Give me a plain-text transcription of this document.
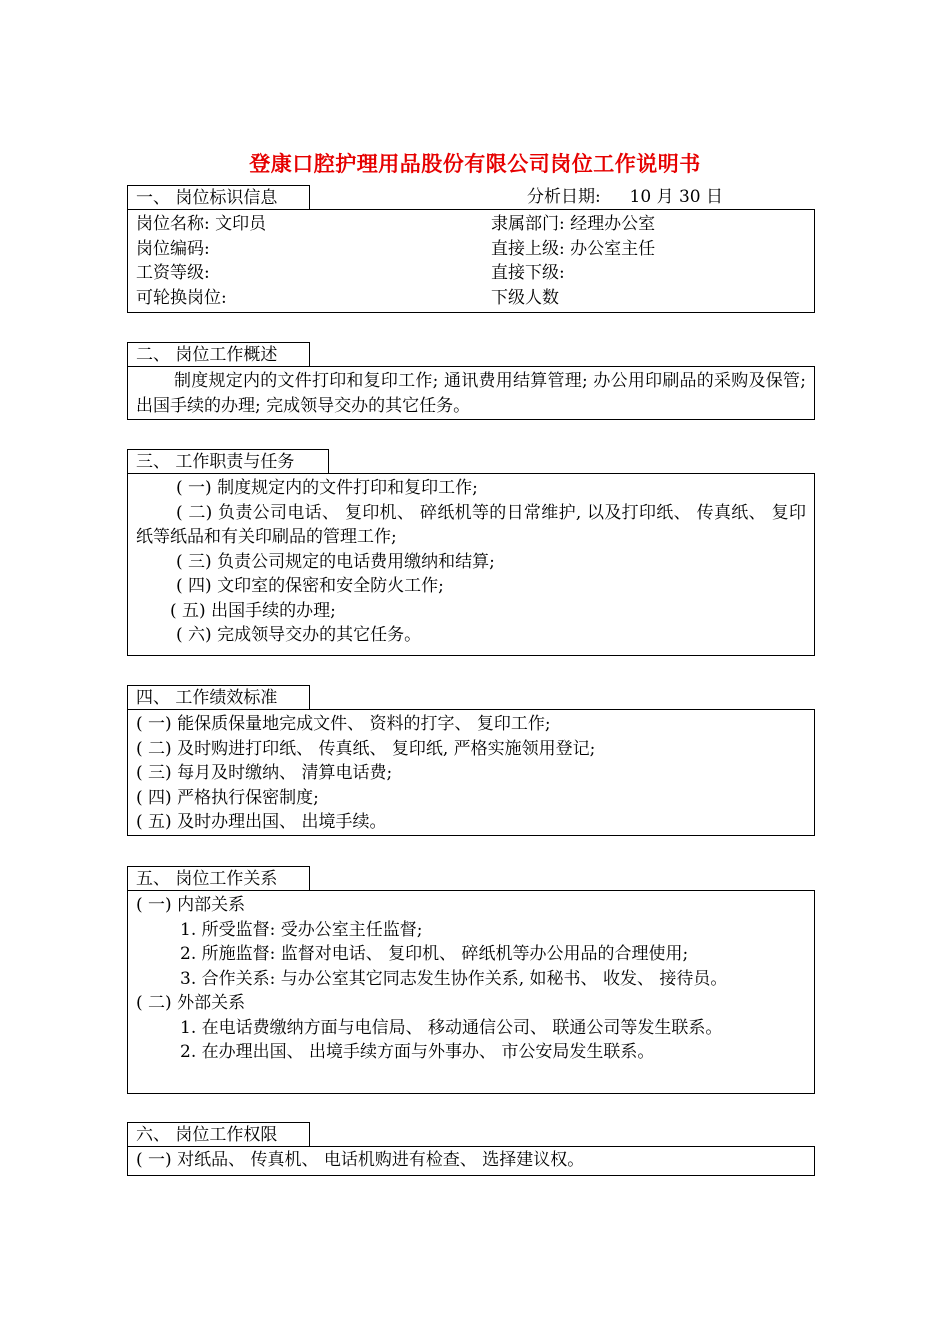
登康口腔护理用品股份有限公司岗位工作说明书
一、 岗位标识信息	分析日期: 10 月 30 日
岗位名称: 文印员	隶属部门: 经理办公室
岗位编码:	直接上级: 办公室主任
工资等级:	直接下级:
可轮换岗位:	下级人数
二、 岗位工作概述
制度规定内的文件打印和复印工作; 通讯费用结算管理; 办公用印刷品的采购及保管; 出国手续的办理; 完成领导交办的其它任务。
三、 工作职责与任务
( 一) 制度规定内的文件打印和复印工作;
( 二) 负责公司电话、 复印机、 碎纸机等的日常维护, 以及打印纸、 传真纸、 复印纸等纸品和有关印刷品的管理工作;
( 三) 负责公司规定的电话费用缴纳和结算;
( 四) 文印室的保密和安全防火工作;
( 五) 出国手续的办理;
( 六) 完成领导交办的其它任务。
四、 工作绩效标准
( 一) 能保质保量地完成文件、 资料的打字、 复印工作;
( 二) 及时购进打印纸、 传真纸、 复印纸, 严格实施领用登记;
( 三) 每月及时缴纳、 清算电话费;
( 四) 严格执行保密制度;
( 五) 及时办理出国、 出境手续。
五、 岗位工作关系
( 一) 内部关系
1. 所受监督: 受办公室主任监督;
2. 所施监督: 监督对电话、 复印机、 碎纸机等办公用品的合理使用;
3. 合作关系: 与办公室其它同志发生协作关系, 如秘书、 收发、 接待员。
( 二) 外部关系
1. 在电话费缴纳方面与电信局、 移动通信公司、 联通公司等发生联系。
2. 在办理出国、 出境手续方面与外事办、 市公安局发生联系。
六、 岗位工作权限
( 一) 对纸品、 传真机、 电话机购进有检查、 选择建议权。
